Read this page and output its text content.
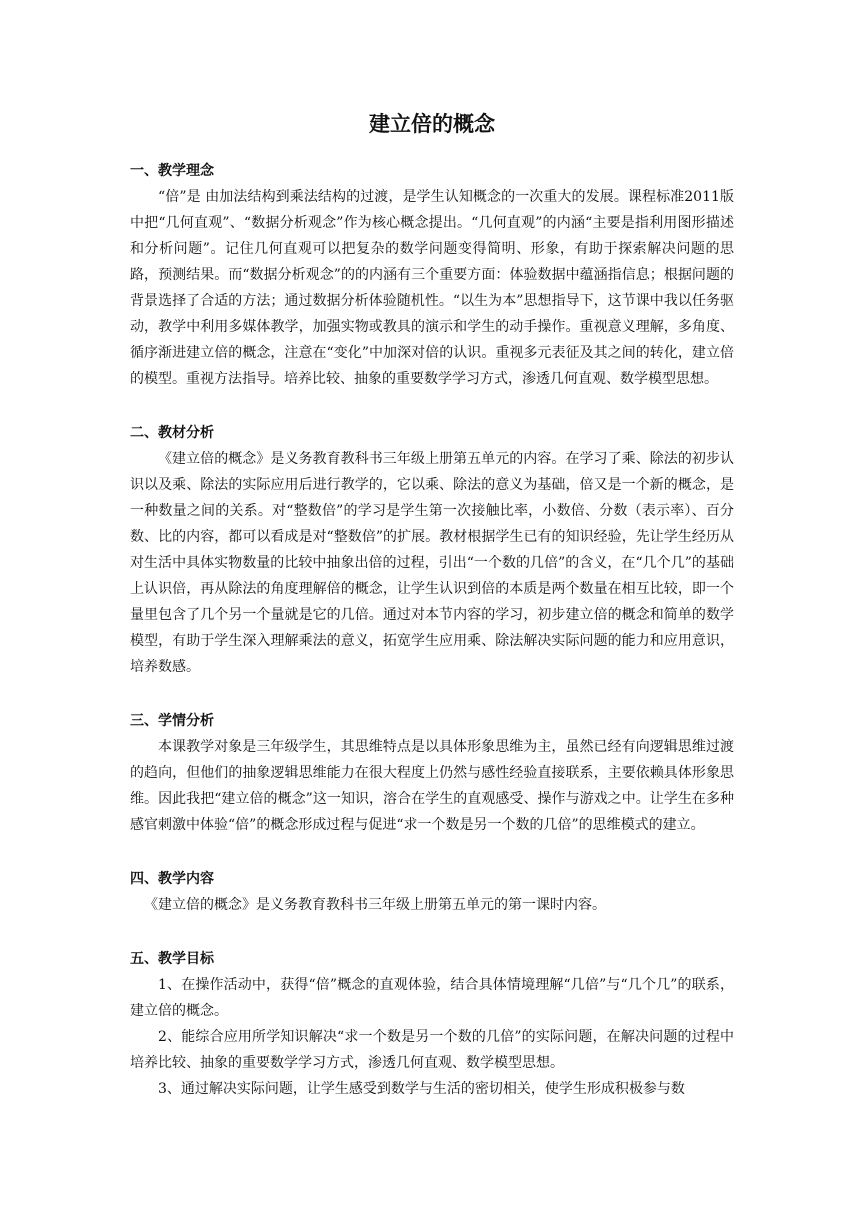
建立倍的概念
一、教学理念

“倍”是 由加法结构到乘法结构的过渡，是学生认知概念的一次重大的发展。课程标准2011版中把“几何直观”、“数据分析观念”作为核心概念提出。“几何直观”的内涵“主要是指利用图形描述和分析问题”。记住几何直观可以把复杂的数学问题变得简明、形象，有助于探索解决问题的思路，预测结果。而“数据分析观念”的的内涵有三个重要方面：体验数据中蕴涵指信息；根据问题的背景选择了合适的方法；通过数据分析体验随机性。“以生为本”思想指导下，这节课中我以任务驱动，教学中利用多媒体教学，加强实物或教具的演示和学生的动手操作。重视意义理解，多角度、循序渐进建立倍的概念，注意在“变化”中加深对倍的认识。重视多元表征及其之间的转化，建立倍的模型。重视方法指导。培养比较、抽象的重要数学学习方式，渗透几何直观、数学模型思想。

二、教材分析

《建立倍的概念》是义务教育教科书三年级上册第五单元的内容。在学习了乘、除法的初步认识以及乘、除法的实际应用后进行教学的，它以乘、除法的意义为基础，倍又是一个新的概念，是一种数量之间的关系。对“整数倍”的学习是学生第一次接触比率，小数倍、分数（表示率）、百分数、比的内容，都可以看成是对“整数倍”的扩展。教材根据学生已有的知识经验，先让学生经历从对生活中具体实物数量的比较中抽象出倍的过程，引出“一个数的几倍”的含义，在“几个几”的基础上认识倍，再从除法的角度理解倍的概念，让学生认识到倍的本质是两个数量在相互比较，即一个量里包含了几个另一个量就是它的几倍。通过对本节内容的学习，初步建立倍的概念和简单的数学模型，有助于学生深入理解乘法的意义，拓宽学生应用乘、除法解决实际问题的能力和应用意识，培养数感。

三、学情分析

本课教学对象是三年级学生，其思维特点是以具体形象思维为主，虽然已经有向逻辑思维过渡的趋向，但他们的抽象逻辑思维能力在很大程度上仍然与感性经验直接联系，主要依赖具体形象思维。因此我把“建立倍的概念”这一知识，溶合在学生的直观感受、操作与游戏之中。让学生在多种感官刺激中体验“倍”的概念形成过程与促进“求一个数是另一个数的几倍”的思维模式的建立。

四、教学内容

《建立倍的概念》是义务教育教科书三年级上册第五单元的第一课时内容。

五、教学目标

1、在操作活动中，获得“倍”概念的直观体验，结合具体情境理解“几倍”与“几个几”的联系，建立倍的概念。

2、能综合应用所学知识解决“求一个数是另一个数的几倍”的实际问题，在解决问题的过程中培养比较、抽象的重要数学学习方式，渗透几何直观、数学模型思想。

3、通过解决实际问题，让学生感受到数学与生活的密切相关，使学生形成积极参与数
